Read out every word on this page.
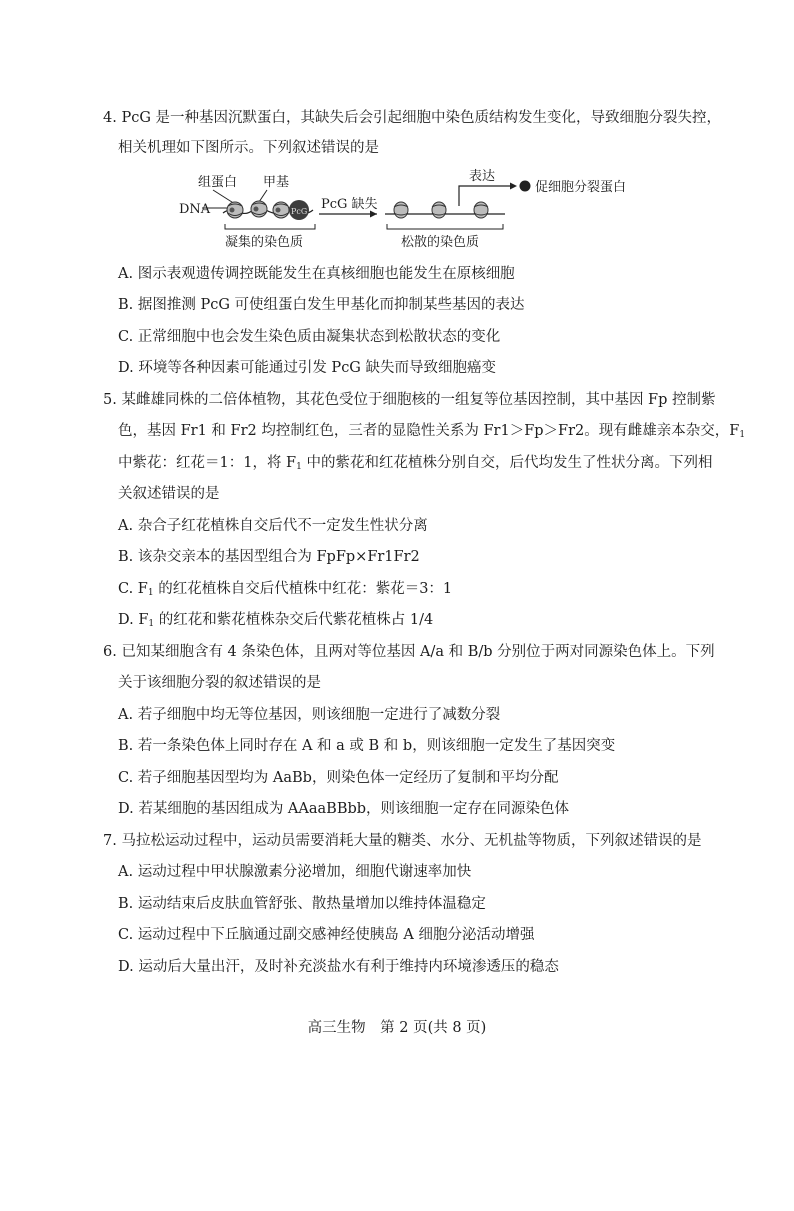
4. PcG 是一种基因沉默蛋白，其缺失后会引起细胞中染色质结构发生变化，导致细胞分裂失控，
相关机理如下图所示。下列叙述错误的是
组蛋白 甲基
DNA	PcG
凝集的染色质
PcG 缺失
表达
促细胞分裂蛋白
松散的染色质
A. 图示表观遗传调控既能发生在真核细胞也能发生在原核细胞
B. 据图推测 PcG 可使组蛋白发生甲基化而抑制某些基因的表达
C. 正常细胞中也会发生染色质由凝集状态到松散状态的变化
D. 环境等各种因素可能通过引发 PcG 缺失而导致细胞癌变
5. 某雌雄同株的二倍体植物，其花色受位于细胞核的一组复等位基因控制，其中基因 Fp 控制紫
色，基因 Fr1 和 Fr2 均控制红色，三者的显隐性关系为 Fr1＞Fp＞Fr2。现有雌雄亲本杂交，$F_1$
中紫花：红花＝1：1，将 $F_1$ 中的紫花和红花植株分别自交，后代均发生了性状分离。下列相
关叙述错误的是
A. 杂合子红花植株自交后代不一定发生性状分离
B. 该杂交亲本的基因型组合为 FpFp×Fr1Fr2
C. $F_1$ 的红花植株自交后代植株中红花：紫花＝3：1
D. $F_1$ 的红花和紫花植株杂交后代紫花植株占 1/4
6. 已知某细胞含有 4 条染色体，且两对等位基因 A/a 和 B/b 分别位于两对同源染色体上。下列
关于该细胞分裂的叙述错误的是
A. 若子细胞中均无等位基因，则该细胞一定进行了减数分裂
B. 若一条染色体上同时存在 A 和 a 或 B 和 b，则该细胞一定发生了基因突变
C. 若子细胞基因型均为 AaBb，则染色体一定经历了复制和平均分配
D. 若某细胞的基因组成为 AAaaBBbb，则该细胞一定存在同源染色体
7. 马拉松运动过程中，运动员需要消耗大量的糖类、水分、无机盐等物质，下列叙述错误的是
A. 运动过程中甲状腺激素分泌增加，细胞代谢速率加快
B. 运动结束后皮肤血管舒张、散热量增加以维持体温稳定
C. 运动过程中下丘脑通过副交感神经使胰岛 A 细胞分泌活动增强
D. 运动后大量出汗，及时补充淡盐水有利于维持内环境渗透压的稳态
高三生物　第 2 页(共 8 页)
